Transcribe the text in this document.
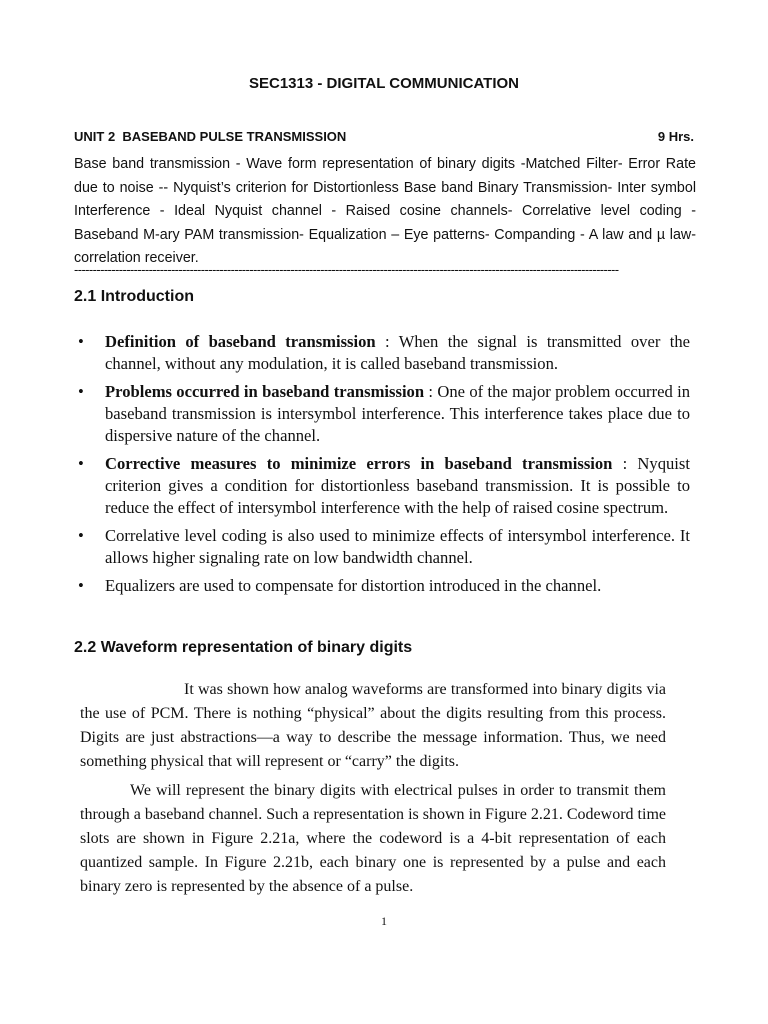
SEC1313 - DIGITAL COMMUNICATION
UNIT 2  BASEBAND PULSE TRANSMISSION	9 Hrs.
Base band transmission - Wave form representation of binary digits -Matched Filter- Error Rate due to noise -- Nyquist’s criterion for Distortionless Base band Binary Transmission- Inter symbol Interference - Ideal Nyquist channel - Raised cosine channels- Correlative level coding - Baseband M-ary PAM transmission- Equalization – Eye patterns- Companding - A law and µ law- correlation receiver.
--------------------------------------------------------------------------------------------------------------------------------------------------
2.1 Introduction
• Definition of baseband transmission : When the signal is transmitted over the channel, without any modulation, it is called baseband transmission.
• Problems occurred in baseband transmission : One of the major problem occurred in baseband transmission is intersymbol interference. This interference takes place due to dispersive nature of the channel.
• Corrective measures to minimize errors in baseband transmission : Nyquist criterion gives a condition for distortionless baseband transmission. It is possible to reduce the effect of intersymbol interference with the help of raised cosine spectrum.
• Correlative level coding is also used to minimize effects of intersymbol interference. It allows higher signaling rate on low bandwidth channel.
• Equalizers are used to compensate for distortion introduced in the channel.
2.2 Waveform representation of binary digits
It was shown how analog waveforms are transformed into binary digits via the use of PCM. There is nothing “physical” about the digits resulting from this process. Digits are just abstractions—a way to describe the message information. Thus, we need something physical that will represent or “carry” the digits.
We will represent the binary digits with electrical pulses in order to transmit them through a baseband channel. Such a representation is shown in Figure 2.21. Codeword time slots are shown in Figure 2.21a, where the codeword is a 4-bit representation of each quantized sample. In Figure 2.21b, each binary one is represented by a pulse and each binary zero is represented by the absence of a pulse.
1
